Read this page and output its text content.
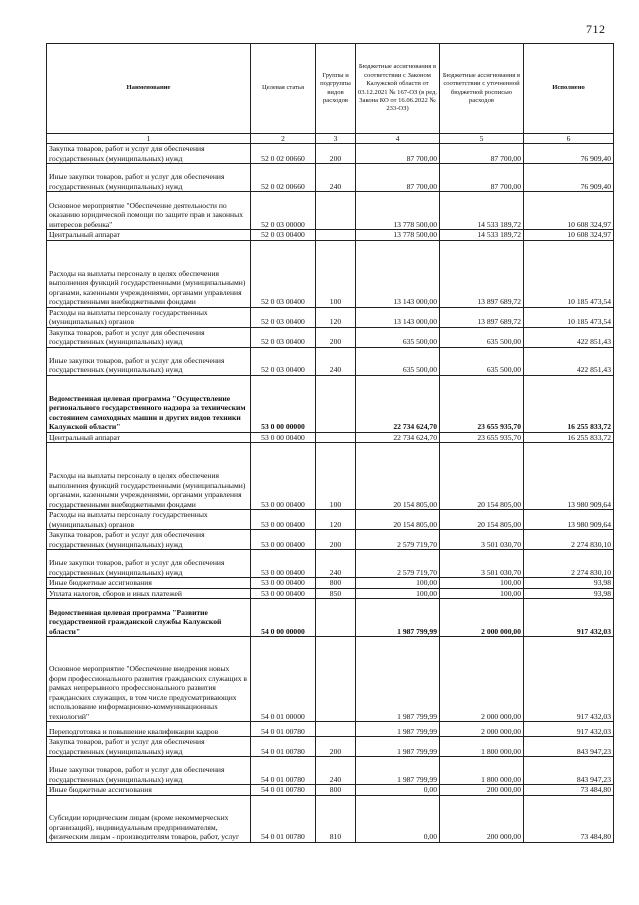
712
Наименование	Целевая статья	Группы и подгруппы видов расходов	Бюджетные ассигнования в соответствии с Законом Калужской области от 03.12.2021 № 167-ОЗ (в ред. Закона КО от 16.06.2022 № 233-ОЗ)	Бюджетные ассигнования в соответствии с уточненной бюджетной росписью расходов	Исполнено
1	2	3	4	5	6
Закупка товаров, работ и услуг для обеспечения государственных (муниципальных) нужд	52 0 02 00660	200	87 700,00	87 700,00	76 909,40
Иные закупки товаров, работ и услуг для обеспечения государственных (муниципальных) нужд	52 0 02 00660	240	87 700,00	87 700,00	76 909,40
Основное мероприятие "Обеспечение деятельности по оказанию юридической помощи по защите прав и законных интересов ребенка"	52 0 03 00000		13 778 500,00	14 533 189,72	10 608 324,97
Центральный аппарат	52 0 03 00400		13 778 500,00	14 533 189,72	10 608 324,97
Расходы на выплаты персоналу в целях обеспечения выполнения функций государственными (муниципальными) органами, казенными учреждениями, органами управления государственными внебюджетными фондами	52 0 03 00400	100	13 143 000,00	13 897 689,72	10 185 473,54
Расходы на выплаты персоналу государственных (муниципальных) органов	52 0 03 00400	120	13 143 000,00	13 897 689,72	10 185 473,54
Закупка товаров, работ и услуг для обеспечения государственных (муниципальных) нужд	52 0 03 00400	200	635 500,00	635 500,00	422 851,43
Иные закупки товаров, работ и услуг для обеспечения государственных (муниципальных) нужд	52 0 03 00400	240	635 500,00	635 500,00	422 851,43
Ведомственная целевая программа "Осуществление регионального государственного надзора за техническим состоянием самоходных машин и других видов техники Калужской области"	53 0 00 00000		22 734 624,70	23 655 935,70	16 255 833,72
Центральный аппарат	53 0 00 00400		22 734 624,70	23 655 935,70	16 255 833,72
Расходы на выплаты персоналу в целях обеспечения выполнения функций государственными (муниципальными) органами, казенными учреждениями, органами управления государственными внебюджетными фондами	53 0 00 00400	100	20 154 805,00	20 154 805,00	13 980 909,64
Расходы на выплаты персоналу государственных (муниципальных) органов	53 0 00 00400	120	20 154 805,00	20 154 805,00	13 980 909,64
Закупка товаров, работ и услуг для обеспечения государственных (муниципальных) нужд	53 0 00 00400	200	2 579 719,70	3 501 030,70	2 274 830,10
Иные закупки товаров, работ и услуг для обеспечения государственных (муниципальных) нужд	53 0 00 00400	240	2 579 719,70	3 501 030,70	2 274 830,10
Иные бюджетные ассигнования	53 0 00 00400	800	100,00	100,00	93,98
Уплата налогов, сборов и иных платежей	53 0 00 00400	850	100,00	100,00	93,98
Ведомственная целевая программа "Развитие государственной гражданской службы Калужской области"	54 0 00 00000		1 987 799,99	2 000 000,00	917 432,03
Основное мероприятие "Обеспечение внедрения новых форм профессионального развития гражданских служащих в рамках непрерывного профессионального развития гражданских служащих, в том числе предусматривающих использование информационно-коммуникационных технологий"	54 0 01 00000		1 987 799,99	2 000 000,00	917 432,03
Переподготовка и повышение квалификации кадров	54 0 01 00780		1 987 799,99	2 000 000,00	917 432,03
Закупка товаров, работ и услуг для обеспечения государственных (муниципальных) нужд	54 0 01 00780	200	1 987 799,99	1 800 000,00	843 947,23
Иные закупки товаров, работ и услуг для обеспечения государственных (муниципальных) нужд	54 0 01 00780	240	1 987 799,99	1 800 000,00	843 947,23
Иные бюджетные ассигнования	54 0 01 00780	800	0,00	200 000,00	73 484,80
Субсидии юридическим лицам (кроме некоммерческих организаций), индивидуальным предпринимателям, физическим лицам - производителям товаров, работ, услуг	54 0 01 00780	810	0,00	200 000,00	73 484,80
